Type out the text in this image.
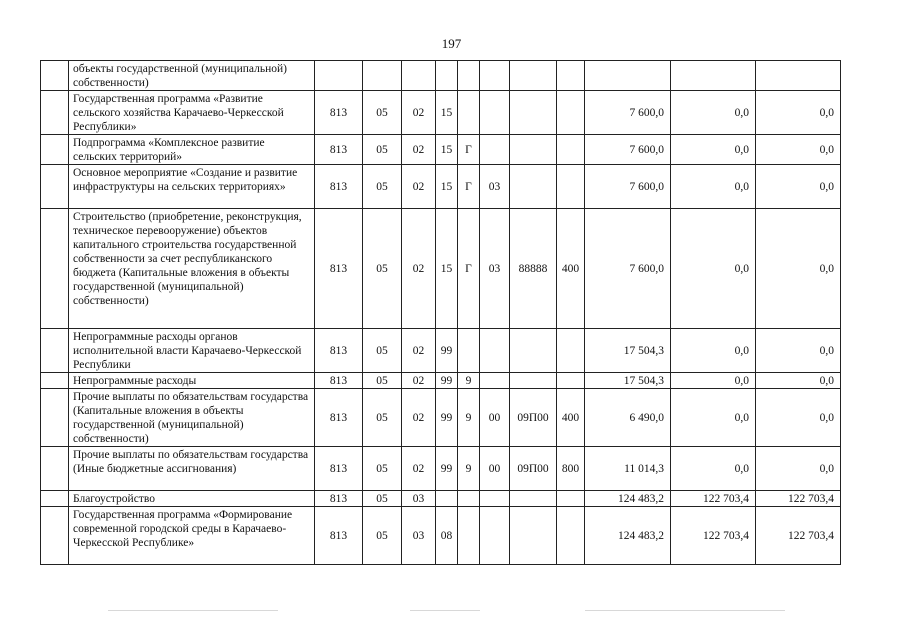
197
	объекты государственной (муниципальной) собственности)											
	Государственная программа «Развитие сельского хозяйства Карачаево-Черкесской Республики»	813	05	02	15					7 600,0	0,0	0,0
	Подпрограмма «Комплексное развитие сельских территорий»	813	05	02	15	Г				7 600,0	0,0	0,0
	Основное мероприятие «Создание и развитие инфраструктуры на сельских территориях»	813	05	02	15	Г	03			7 600,0	0,0	0,0
	Строительство (приобретение, реконструкция, техническое перевооружение) объектов капитального строительства государственной собственности за счет республиканского бюджета (Капитальные вложения в объекты государственной (муниципальной) собственности)	813	05	02	15	Г	03	88888	400	7 600,0	0,0	0,0
	Непрограммные расходы органов исполнительной власти Карачаево-Черкесской Республики	813	05	02	99					17 504,3	0,0	0,0
	Непрограммные расходы	813	05	02	99	9				17 504,3	0,0	0,0
	Прочие выплаты по обязательствам государства (Капитальные вложения в объекты государственной (муниципальной) собственности)	813	05	02	99	9	00	09П00	400	6 490,0	0,0	0,0
	Прочие выплаты по обязательствам государства (Иные бюджетные ассигнования)	813	05	02	99	9	00	09П00	800	11 014,3	0,0	0,0
	Благоустройство	813	05	03						124 483,2	122 703,4	122 703,4
	Государственная программа «Формирование современной городской среды в Карачаево-Черкесской Республике»	813	05	03	08					124 483,2	122 703,4	122 703,4
